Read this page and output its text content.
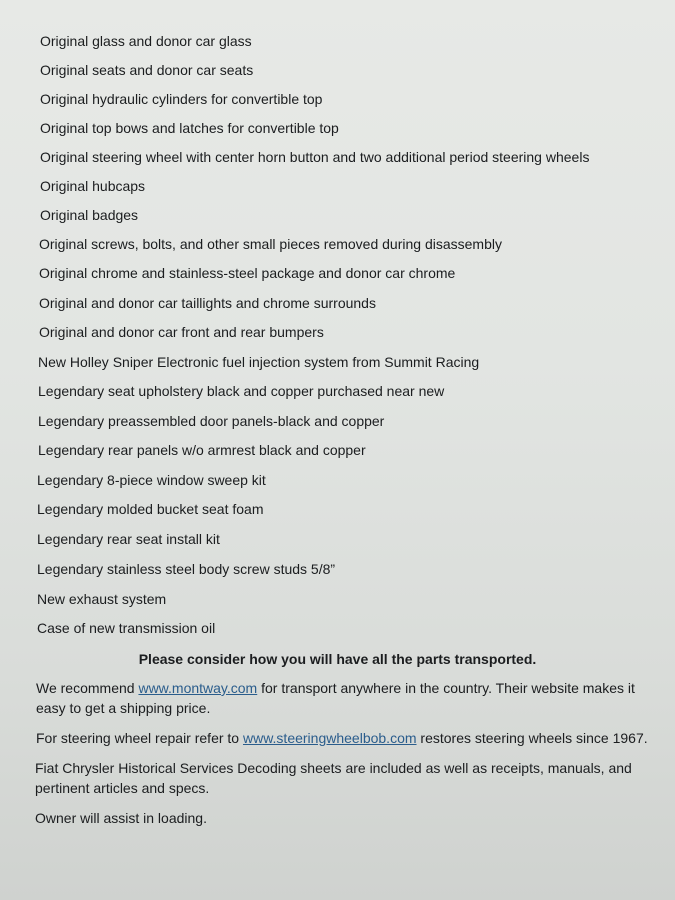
Original glass and donor car glass
Original seats and donor car seats
Original hydraulic cylinders for convertible top
Original top bows and latches for convertible top
Original steering wheel with center horn button and two additional period steering wheels
Original hubcaps
Original badges
Original screws, bolts, and other small pieces removed during disassembly
Original chrome and stainless-steel package and donor car chrome
Original and donor car taillights and chrome surrounds
Original and donor car front and rear bumpers
New Holley Sniper Electronic fuel injection system from Summit Racing
Legendary seat upholstery black and copper purchased near new
Legendary preassembled door panels-black and copper
Legendary rear panels w/o armrest black and copper
Legendary 8-piece window sweep kit
Legendary molded bucket seat foam
Legendary rear seat install kit
Legendary stainless steel body screw studs 5/8”
New exhaust system
Case of new transmission oil
Please consider how you will have all the parts transported.
We recommend www.montway.com for transport anywhere in the country. Their website makes it easy to get a shipping price.
For steering wheel repair refer to www.steeringwheelbob.com restores steering wheels since 1967.
Fiat Chrysler Historical Services Decoding sheets are included as well as receipts, manuals, and pertinent articles and specs.
Owner will assist in loading.
